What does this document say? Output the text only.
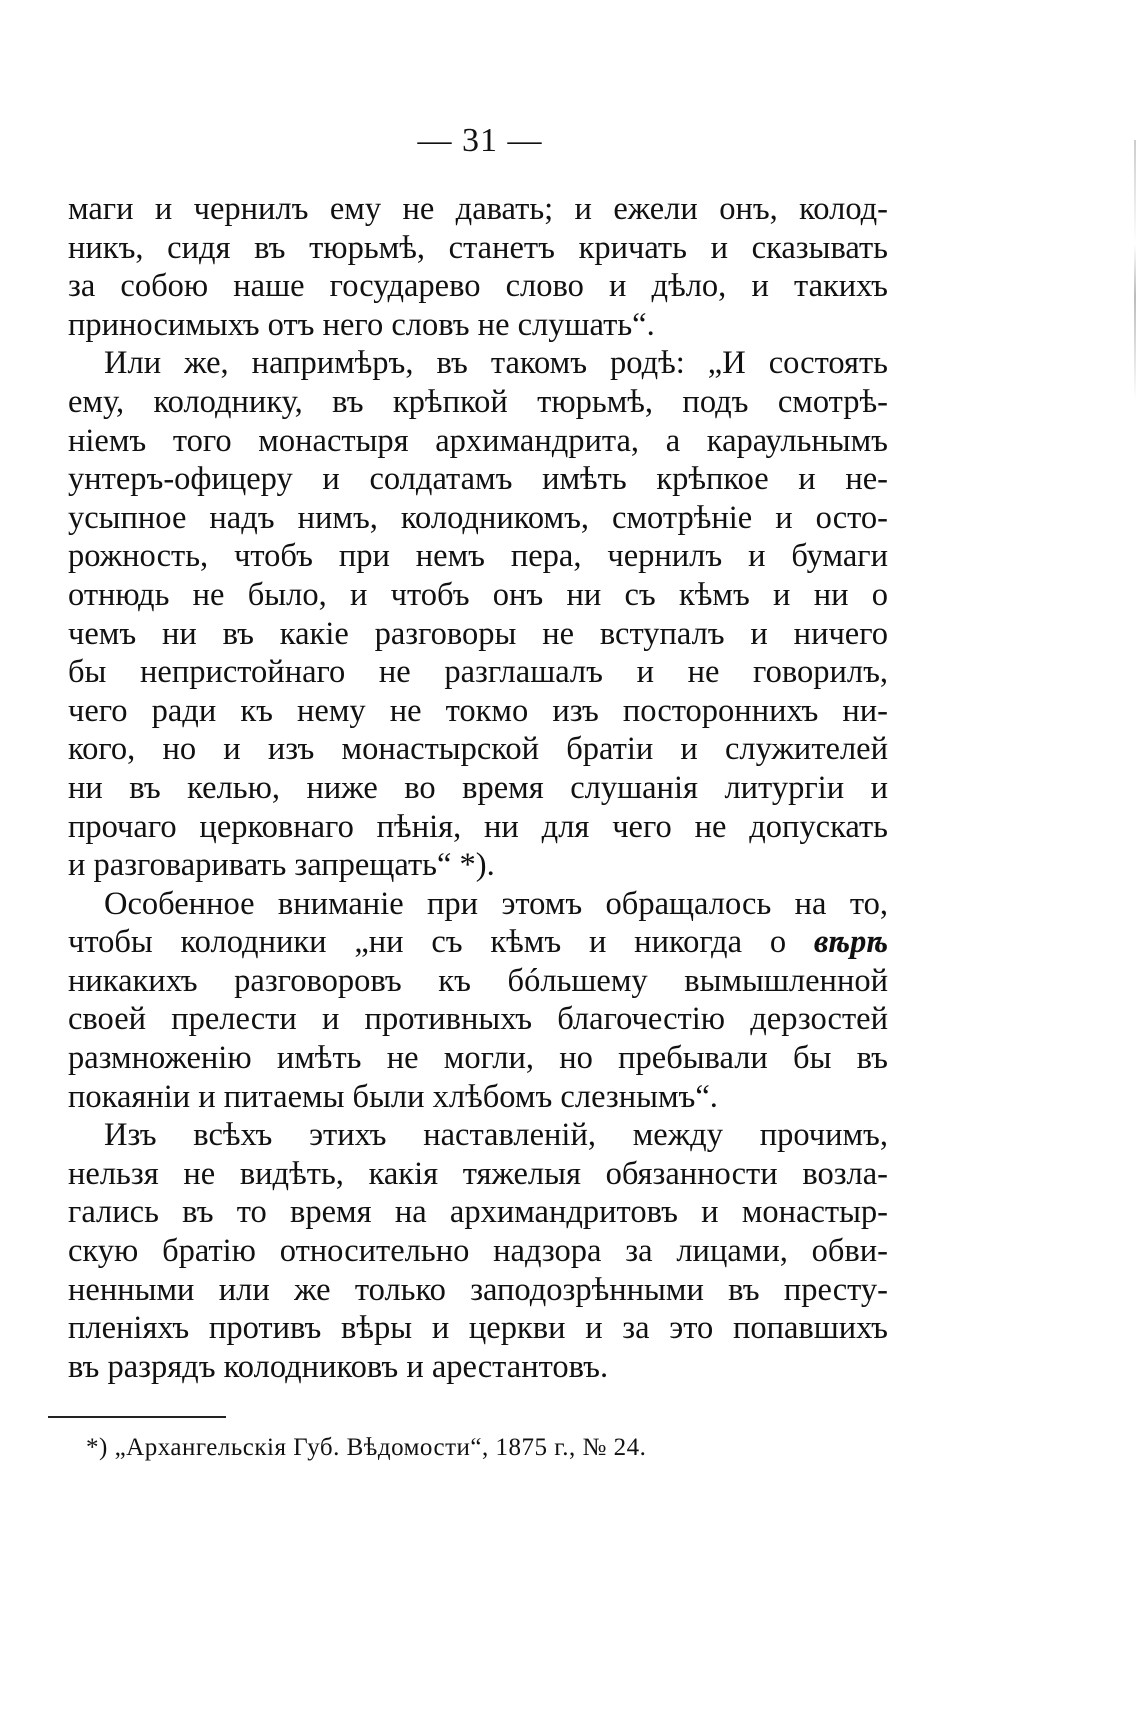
— 31 —
маги и чернилъ ему не давать; и ежели онъ, колод-
никъ, сидя въ тюрьмѣ, станетъ кричать и сказывать
за собою наше государево слово и дѣло, и такихъ
приносимыхъ отъ него словъ не слушать“.
Или же, напримѣръ, въ такомъ родѣ: „И состоять
ему, колоднику, въ крѣпкой тюрьмѣ, подъ смотрѣ-
ніемъ того монастыря архимандрита, а караульнымъ
унтеръ-офицеру и солдатамъ имѣть крѣпкое и не-
усыпное надъ нимъ, колодникомъ, смотрѣніе и осто-
рожность, чтобъ при немъ пера, чернилъ и бумаги
отнюдь не было, и чтобъ онъ ни съ кѣмъ и ни о
чемъ ни въ какіе разговоры не вступалъ и ничего
бы непристойнаго не разглашалъ и не говорилъ,
чего ради къ нему не токмо изъ постороннихъ ни-
кого, но и изъ монастырской братіи и служителей
ни въ келью, ниже во время слушанія литургіи и
прочаго церковнаго пѣнія, ни для чего не допускать
и разговаривать запрещать“ *).
Особенное вниманіе при этомъ обращалось на то,
чтобы колодники „ни съ кѣмъ и никогда о вѣрѣ
никакихъ разговоровъ къ бóльшему вымышленной
своей прелести и противныхъ благочестію дерзостей
размноженію имѣть не могли, но пребывали бы въ
покаяніи и питаемы были хлѣбомъ слезнымъ“.
Изъ всѣхъ этихъ наставленій, между прочимъ,
нельзя не видѣть, какія тяжелыя обязанности возла-
гались въ то время на архимандритовъ и монастыр-
скую братію относительно надзора за лицами, обви-
ненными или же только заподозрѣнными въ престу-
пленіяхъ противъ вѣры и церкви и за это попавшихъ
въ разрядъ колодниковъ и арестантовъ.
*) „Архангельскія Губ. Вѣдомости“, 1875 г., № 24.
